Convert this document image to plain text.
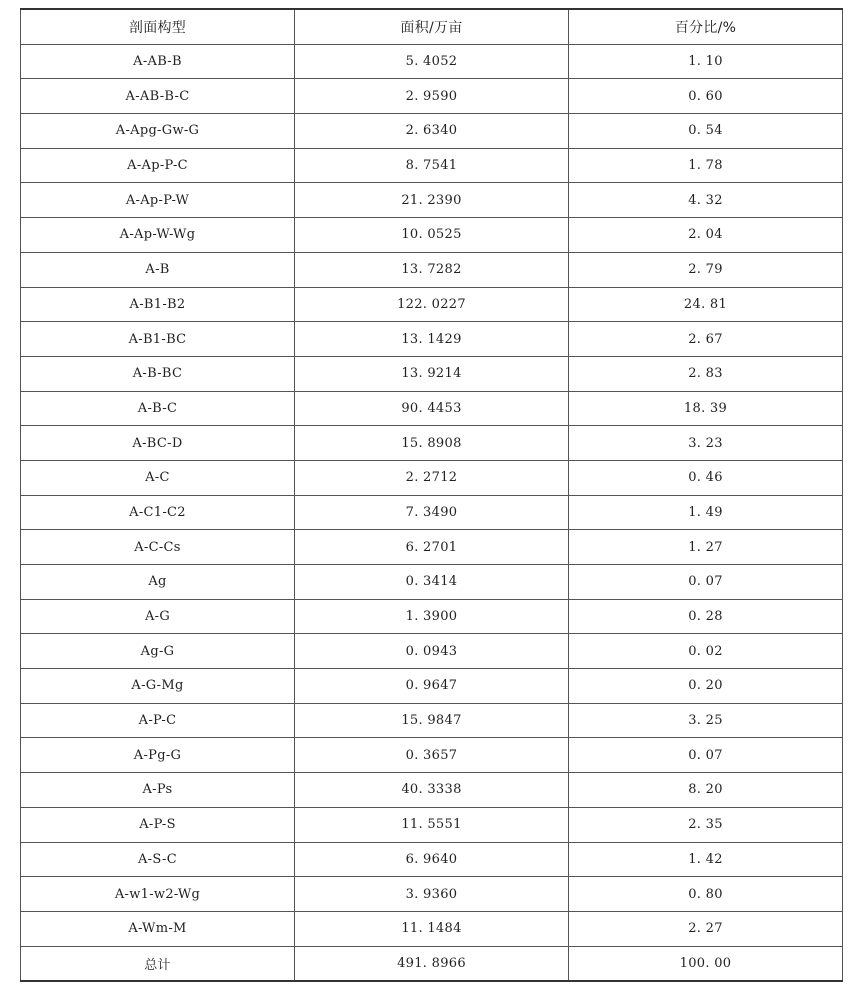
剖面构型	面积/万亩	百分比/%
A-AB-B	5. 4052	1. 10
A-AB-B-C	2. 9590	0. 60
A-Apg-Gw-G	2. 6340	0. 54
A-Ap-P-C	8. 7541	1. 78
A-Ap-P-W	21. 2390	4. 32
A-Ap-W-Wg	10. 0525	2. 04
A-B	13. 7282	2. 79
A-B1-B2	122. 0227	24. 81
A-B1-BC	13. 1429	2. 67
A-B-BC	13. 9214	2. 83
A-B-C	90. 4453	18. 39
A-BC-D	15. 8908	3. 23
A-C	2. 2712	0. 46
A-C1-C2	7. 3490	1. 49
A-C-Cs	6. 2701	1. 27
Ag	0. 3414	0. 07
A-G	1. 3900	0. 28
Ag-G	0. 0943	0. 02
A-G-Mg	0. 9647	0. 20
A-P-C	15. 9847	3. 25
A-Pg-G	0. 3657	0. 07
A-Ps	40. 3338	8. 20
A-P-S	11. 5551	2. 35
A-S-C	6. 9640	1. 42
A-w1-w2-Wg	3. 9360	0. 80
A-Wm-M	11. 1484	2. 27
总计	491. 8966	100. 00
